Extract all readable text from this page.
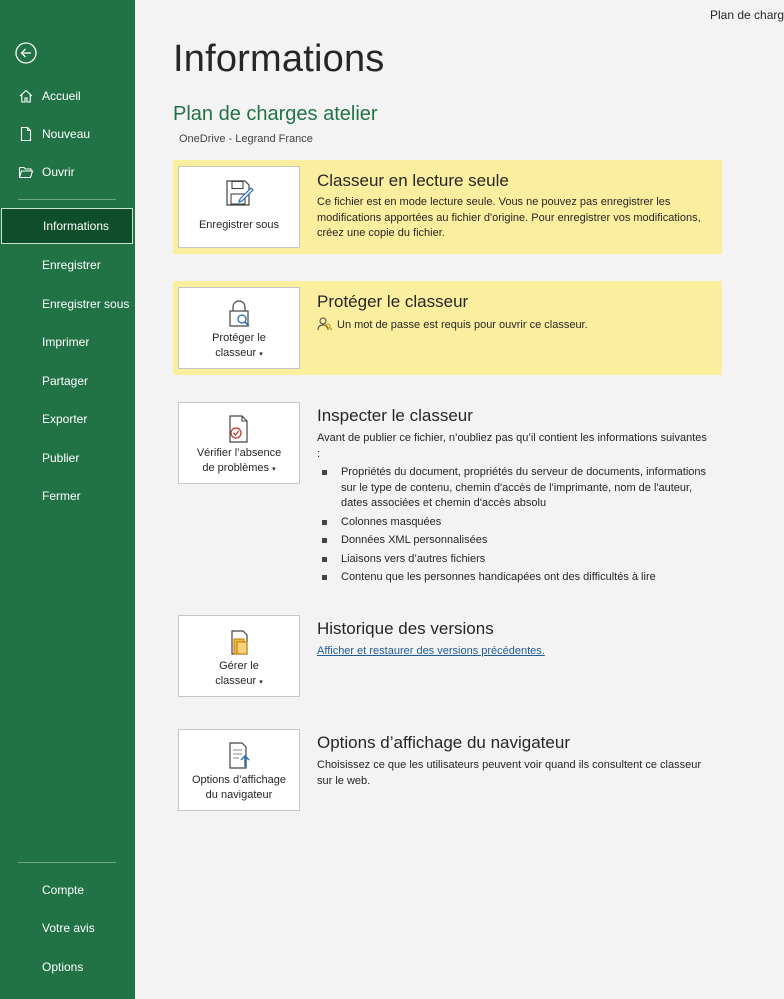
Accueil
Nouveau
Ouvrir
Informations
Enregistrer
Enregistrer sous
Imprimer
Partager
Exporter
Publier
Fermer
Compte
Votre avis
Options
Plan de charg
Informations
Plan de charges atelier
OneDrive - Legrand France
Enregistrer sous
Classeur en lecture seule
Ce fichier est en mode lecture seule. Vous ne pouvez pas enregistrer les modifications apportées au fichier d'origine. Pour enregistrer vos modifications, créez une copie du fichier.
Protéger le
classeur ▾
Protéger le classeur
Un mot de passe est requis pour ouvrir ce classeur.
Vérifier l’absence
de problèmes ▾
Inspecter le classeur
Avant de publier ce fichier, n’oubliez pas qu’il contient les informations suivantes :
Propriétés du document, propriétés du serveur de documents, informations sur le type de contenu, chemin d'accès de l'imprimante, nom de l'auteur, dates associées et chemin d'accès absolu
Colonnes masquées
Données XML personnalisées
Liaisons vers d’autres fichiers
Contenu que les personnes handicapées ont des difficultés à lire
Gérer le
classeur ▾
Historique des versions
Afficher et restaurer des versions précédentes.
Options d’affichage
du navigateur
Options d’affichage du navigateur
Choisissez ce que les utilisateurs peuvent voir quand ils consultent ce classeur sur le web.
